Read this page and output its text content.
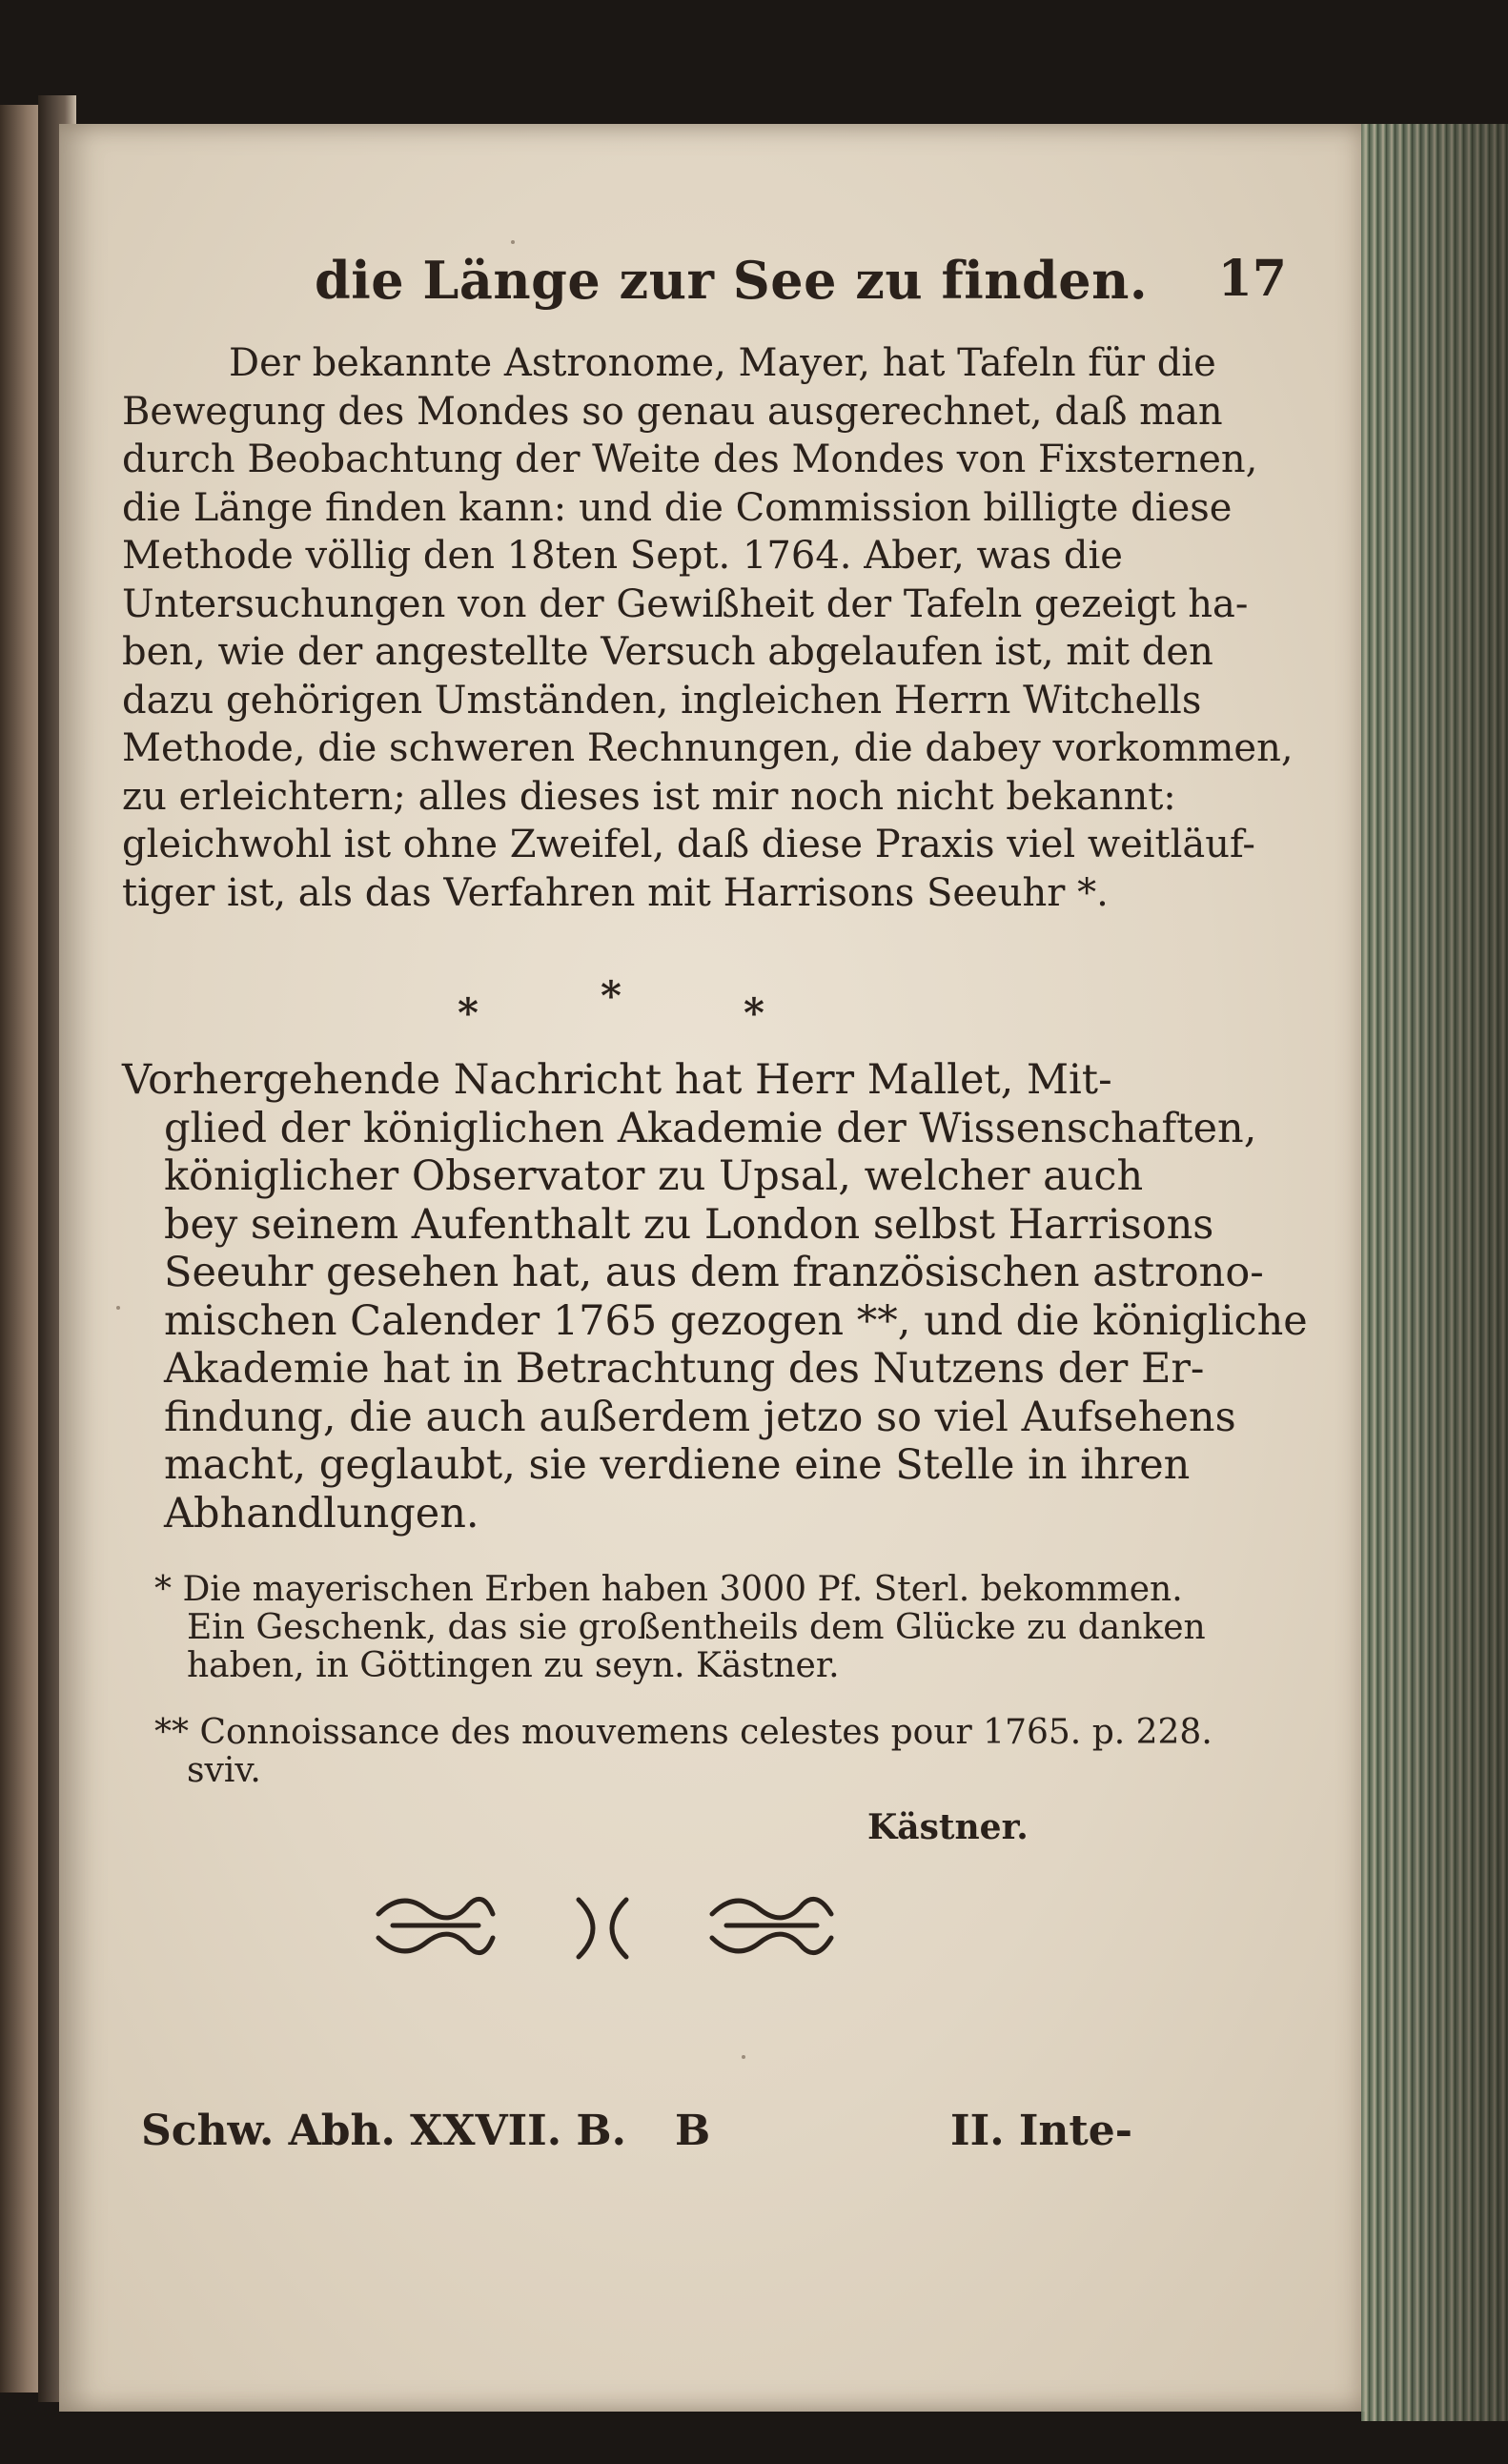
die Länge zur See zu finden. 17
Der bekannte Astronome, Mayer, hat Tafeln für die
Bewegung des Mondes so genau ausgerechnet, daß man
durch Beobachtung der Weite des Mondes von Fixsternen,
die Länge finden kann: und die Commission billigte diese
Methode völlig den 18ten Sept. 1764. Aber, was die
Untersuchungen von der Gewißheit der Tafeln gezeigt ha-
ben, wie der angestellte Versuch abgelaufen ist, mit den
dazu gehörigen Umständen, ingleichen Herrn Witchells
Methode, die schweren Rechnungen, die dabey vorkommen,
zu erleichtern; alles dieses ist mir noch nicht bekannt:
gleichwohl ist ohne Zweifel, daß diese Praxis viel weitläuf-
tiger ist, als das Verfahren mit Harrisons Seeuhr *.
*	*	*
Vorhergehende Nachricht hat Herr Mallet, Mit-
glied der königlichen Akademie der Wissenschaften,
königlicher Observator zu Upsal, welcher auch
bey seinem Aufenthalt zu London selbst Harrisons
Seeuhr gesehen hat, aus dem französischen astrono-
mischen Calender 1765 gezogen **, und die königliche
Akademie hat in Betrachtung des Nutzens der Er-
findung, die auch außerdem jetzo so viel Aufsehens
macht, geglaubt, sie verdiene eine Stelle in ihren
Abhandlungen.
* Die mayerischen Erben haben 3000 Pf. Sterl. bekommen.
Ein Geschenk, das sie großentheils dem Glücke zu danken
haben, in Göttingen zu seyn. Kästner.
** Connoissance des mouvemens celestes pour 1765. p. 228.
sviv.
Kästner.
Schw. Abh. XXVII. B. B	II. Inte-
